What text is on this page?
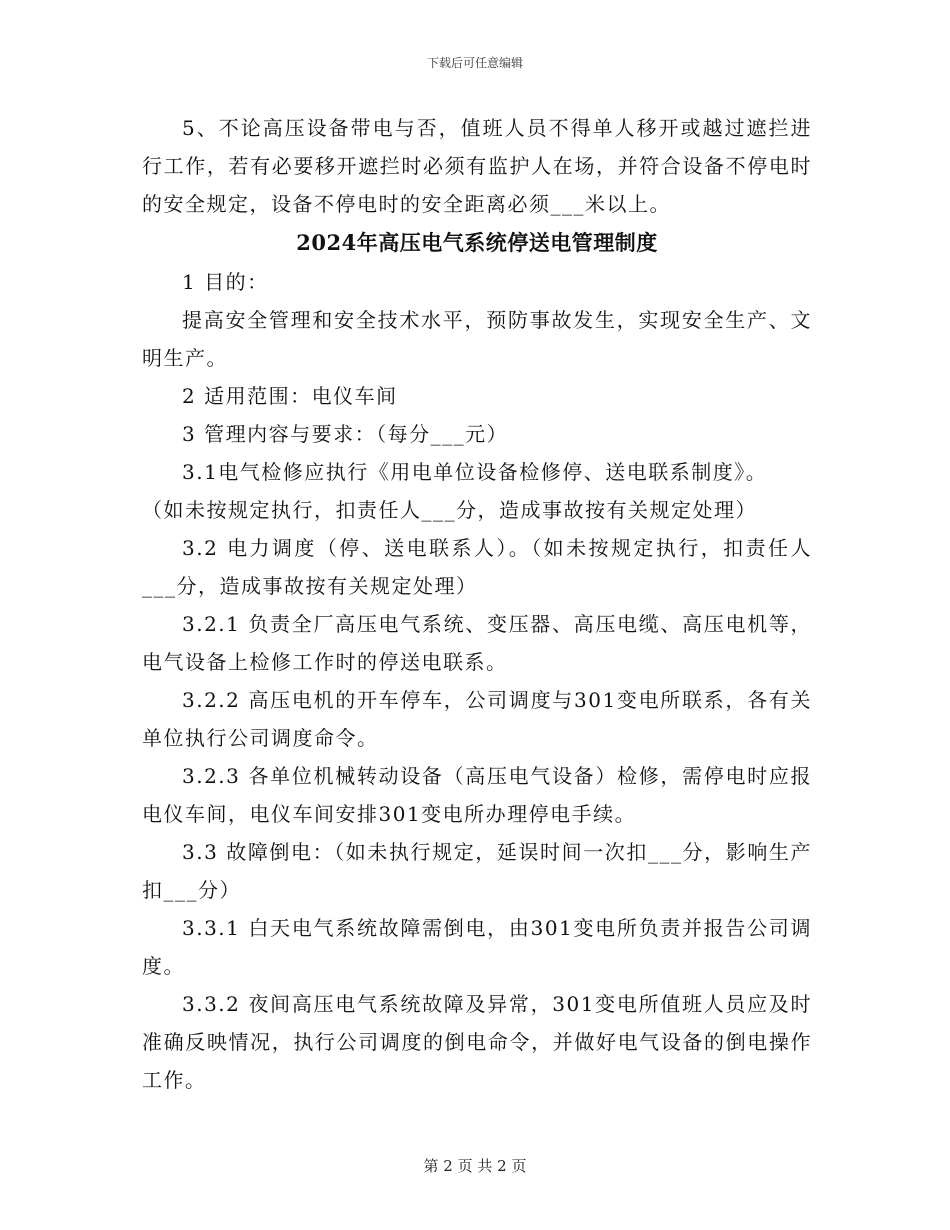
下载后可任意编辑

5、不论高压设备带电与否，值班人员不得单人移开或越过遮拦进行工作，若有必要移开遮拦时必须有监护人在场，并符合设备不停电时的安全规定，设备不停电时的安全距离必须___米以上。

2024年高压电气系统停送电管理制度

1 目的：

提高安全管理和安全技术水平，预防事故发生，实现安全生产、文明生产。

2 适用范围：电仪车间

3 管理内容与要求：（每分___元）

3.1电气检修应执行《用电单位设备检修停、送电联系制度》。

（如未按规定执行，扣责任人___分，造成事故按有关规定处理）

3.2 电力调度（停、送电联系人）。（如未按规定执行，扣责任人___分，造成事故按有关规定处理）

3.2.1 负责全厂高压电气系统、变压器、高压电缆、高压电机等，电气设备上检修工作时的停送电联系。

3.2.2 高压电机的开车停车，公司调度与301变电所联系，各有关单位执行公司调度命令。

3.2.3 各单位机械转动设备（高压电气设备）检修，需停电时应报电仪车间，电仪车间安排301变电所办理停电手续。

3.3 故障倒电：（如未执行规定，延误时间一次扣___分，影响生产扣___分）

3.3.1 白天电气系统故障需倒电，由301变电所负责并报告公司调度。

3.3.2 夜间高压电气系统故障及异常，301变电所值班人员应及时准确反映情况，执行公司调度的倒电命令，并做好电气设备的倒电操作工作。

第 2 页 共 2 页
